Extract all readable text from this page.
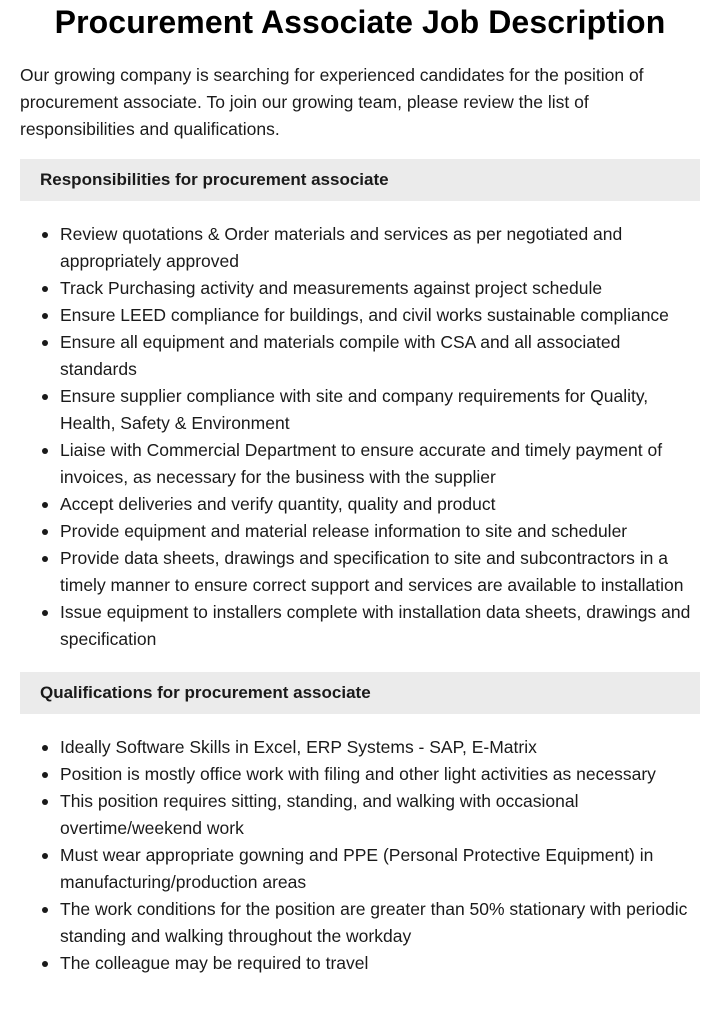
Procurement Associate Job Description

Our growing company is searching for experienced candidates for the position of procurement associate. To join our growing team, please review the list of responsibilities and qualifications.

Responsibilities for procurement associate
Review quotations & Order materials and services as per negotiated and appropriately approved
Track Purchasing activity and measurements against project schedule
Ensure LEED compliance for buildings, and civil works sustainable compliance
Ensure all equipment and materials compile with CSA and all associated standards
Ensure supplier compliance with site and company requirements for Quality, Health, Safety & Environment
Liaise with Commercial Department to ensure accurate and timely payment of invoices, as necessary for the business with the supplier
Accept deliveries and verify quantity, quality and product
Provide equipment and material release information to site and scheduler
Provide data sheets, drawings and specification to site and subcontractors in a timely manner to ensure correct support and services are available to installation
Issue equipment to installers complete with installation data sheets, drawings and specification
Qualifications for procurement associate
Ideally Software Skills in Excel, ERP Systems - SAP, E-Matrix
Position is mostly office work with filing and other light activities as necessary
This position requires sitting, standing, and walking with occasional overtime/weekend work
Must wear appropriate gowning and PPE (Personal Protective Equipment) in manufacturing/production areas
The work conditions for the position are greater than 50% stationary with periodic standing and walking throughout the workday
The colleague may be required to travel
